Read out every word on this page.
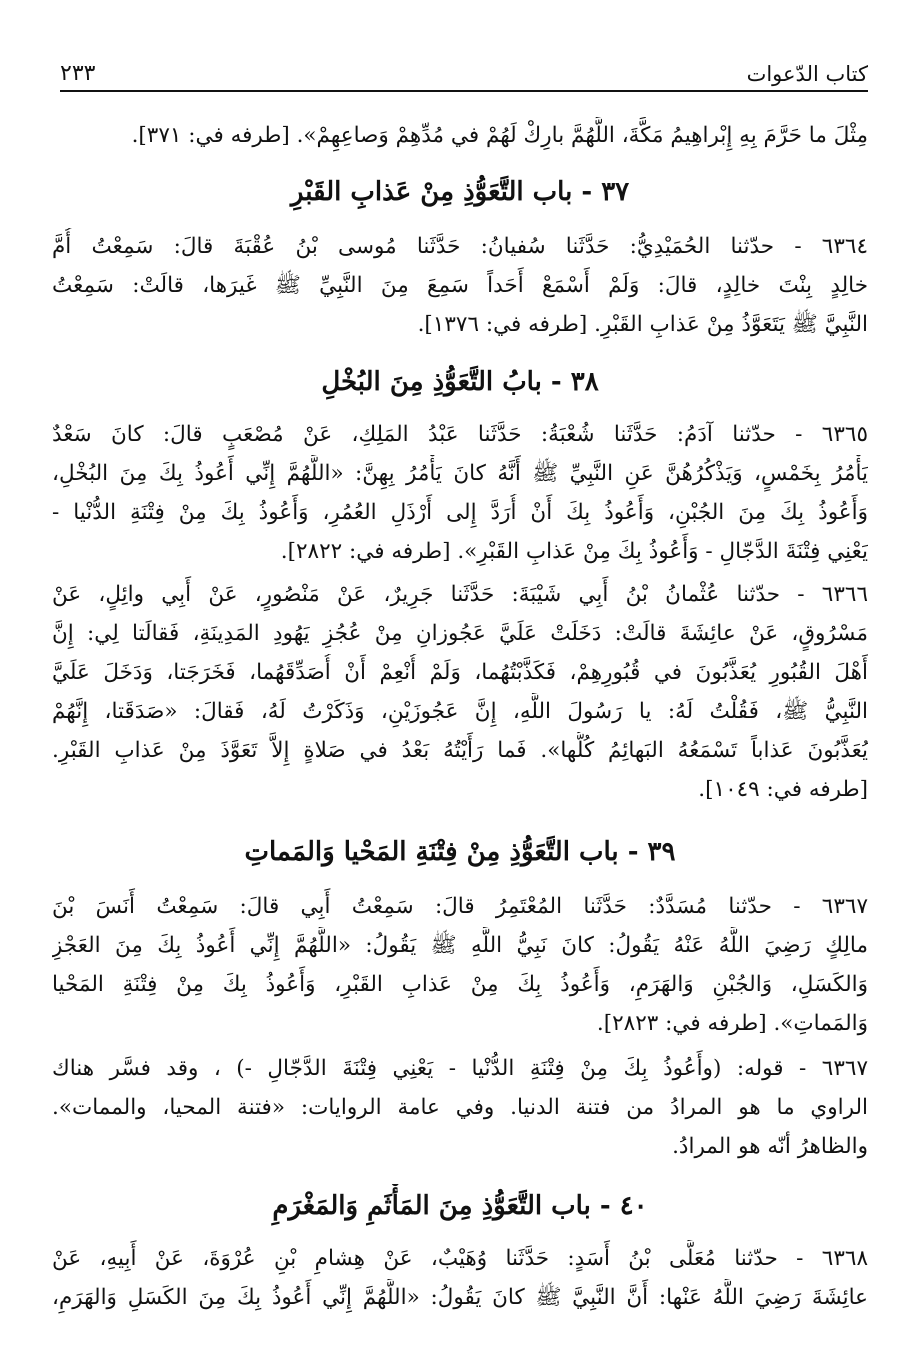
كتاب الدّعوات
٢٣٣
مِثْلَ ما حَرَّمَ بِهِ إِبْراهِيمُ مَكَّةَ، اللَّهُمَّ بارِكْ لَهُمْ في مُدِّهِمْ وَصاعِهِمْ». [طرفه في: ٣٧١].
٣٧ - باب التَّعَوُّذِ مِنْ عَذابِ القَبْرِ
٦٣٦٤ - حدّثنا الحُمَيْدِيُّ: حَدَّثَنا سُفيانُ: حَدَّثَنا مُوسى بْنُ عُقْبَةَ قالَ: سَمِعْتُ أُمَّ
خالِدٍ بِنْتَ خالِدٍ، قالَ: وَلَمْ أَسْمَعْ أَحَداً سَمِعَ مِنَ النَّبِيِّ ﷺ غَيرَها، قالَتْ: سَمِعْتُ
النَّبِيَّ ﷺ يَتَعَوَّذُ مِنْ عَذابِ القَبْرِ. [طرفه في: ١٣٧٦].
٣٨ - بابُ التَّعَوُّذِ مِنَ البُخْلِ
٦٣٦٥ - حدّثنا آدَمُ: حَدَّثَنا شُعْبَةُ: حَدَّثَنا عَبْدُ المَلِكِ، عَنْ مُصْعَبٍ قالَ: كانَ سَعْدٌ
يَأْمُرُ بِخَمْسٍ، وَيَذْكُرُهُنَّ عَنِ النَّبِيِّ ﷺ أَنَّهُ كانَ يَأْمُرُ بِهِنَّ: «اللَّهُمَّ إِنِّي أَعُوذُ بِكَ مِنَ البُخْلِ،
وَأَعُوذُ بِكَ مِنَ الجُبْنِ، وَأَعُوذُ بِكَ أَنْ أُرَدَّ إِلى أَرْذَلِ العُمُرِ، وَأَعُوذُ بِكَ مِنْ فِتْنَةِ الدُّنْيا -
يَعْنِي فِتْنَةَ الدَّجّالِ - وَأَعُوذُ بِكَ مِنْ عَذابِ القَبْرِ». [طرفه في: ٢٨٢٢].
٦٣٦٦ - حدّثنا عُثْمانُ بْنُ أَبِي شَيْبَةَ: حَدَّثَنا جَرِيرٌ، عَنْ مَنْصُورٍ، عَنْ أَبِي وائِلٍ، عَنْ
مَسْرُوقٍ، عَنْ عائِشَةَ قالَتْ: دَخَلَتْ عَلَيَّ عَجُوزانِ مِنْ عُجُزِ يَهُودِ المَدِينَةِ، فَقالَتا لِي: إِنَّ
أَهْلَ القُبُورِ يُعَذَّبُونَ في قُبُورِهِمْ، فَكَذَّبْتُهُما، وَلَمْ أُنْعِمْ أَنْ أُصَدِّقَهُما، فَخَرَجَتا، وَدَخَلَ عَلَيَّ
النَّبِيُّ ﷺ، فَقُلْتُ لَهُ: يا رَسُولَ اللَّهِ، إِنَّ عَجُوزَيْنِ، وَذَكَرْتُ لَهُ، فَقالَ: «صَدَقَتا، إِنَّهُمْ
يُعَذَّبُونَ عَذاباً تَسْمَعُهُ البَهائِمُ كُلُّها». فَما رَأَيْتُهُ بَعْدُ في صَلاةٍ إِلاَّ تَعَوَّذَ مِنْ عَذابِ القَبْرِ.
[طرفه في: ١٠٤٩].
٣٩ - باب التَّعَوُّذِ مِنْ فِتْنَةِ المَحْيا وَالمَماتِ
٦٣٦٧ - حدّثنا مُسَدَّدٌ: حَدَّثَنا المُعْتَمِرُ قالَ: سَمِعْتُ أَبِي قالَ: سَمِعْتُ أَنَسَ بْنَ
مالِكٍ رَضِيَ اللَّهُ عَنْهُ يَقُولُ: كانَ نَبِيُّ اللَّهِ ﷺ يَقُولُ: «اللَّهُمَّ إِنِّي أَعُوذُ بِكَ مِنَ العَجْزِ
وَالكَسَلِ، وَالجُبْنِ وَالهَرَمِ، وَأَعُوذُ بِكَ مِنْ عَذابِ القَبْرِ، وَأَعُوذُ بِكَ مِنْ فِتْنَةِ المَحْيا
وَالمَماتِ». [طرفه في: ٢٨٢٣].
٦٣٦٧ - قوله: (وأَعُوذُ بِكَ مِنْ فِتْنَةِ الدُّنْيا - يَعْنِي فِتْنَةَ الدَّجّالِ -) ، وقد فسَّر هناك
الراوي ما هو المرادُ من فتنة الدنيا. وفي عامة الروايات: «فتنة المحيا، والممات».
والظاهرُ أنّه هو المرادُ.
٤٠ - باب التَّعَوُّذِ مِنَ المَأْثَمِ وَالمَغْرَمِ
٦٣٦٨ - حدّثنا مُعَلَّى بْنُ أَسَدٍ: حَدَّثَنا وُهَيْبٌ، عَنْ هِشامِ بْنِ عُرْوَةَ، عَنْ أَبِيهِ، عَنْ
عائِشَةَ رَضِيَ اللَّهُ عَنْها: أَنَّ النَّبِيَّ ﷺ كانَ يَقُولُ: «اللَّهُمَّ إِنِّي أَعُوذُ بِكَ مِنَ الكَسَلِ وَالهَرَمِ،
